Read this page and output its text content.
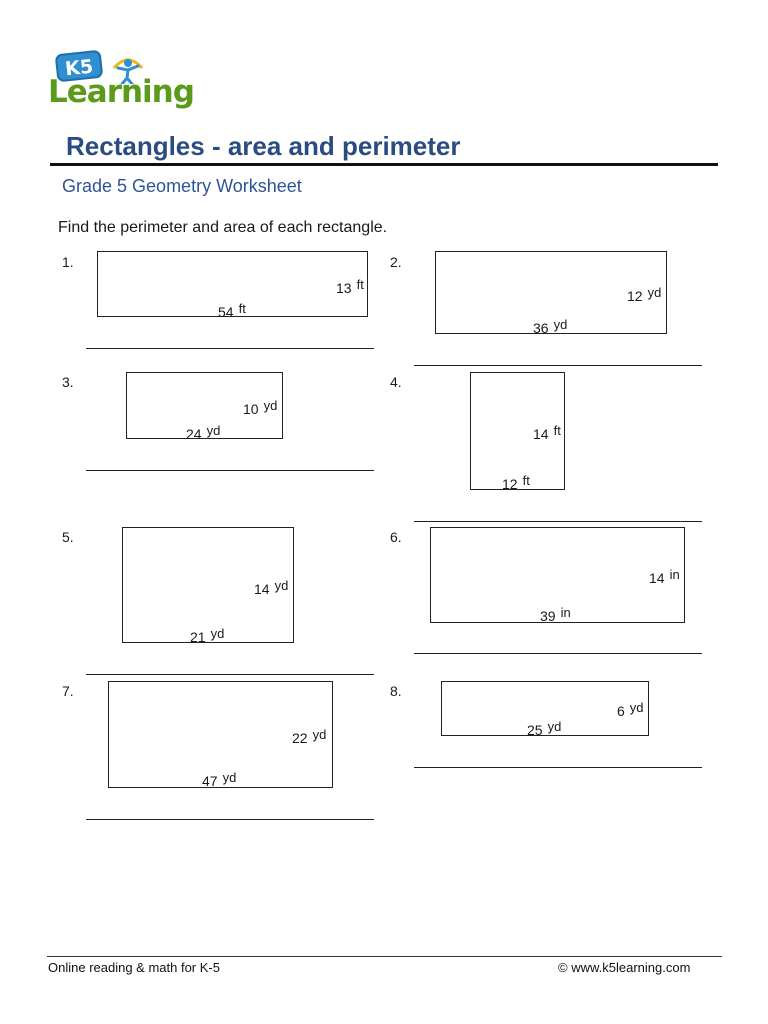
K5
Learning
Rectangles - area and perimeter
Grade 5 Geometry Worksheet
Find the perimeter and area of each rectangle.
1.
13 ft
54 ft
2.
12 yd
36 yd
3.
10 yd
24 yd
4.
14 ft
12 ft
5.
14 yd
21 yd
6.
14 in
39 in
7.
22 yd
47 yd
8.
6 yd
25 yd
Online reading & math for K-5	© www.k5learning.com
